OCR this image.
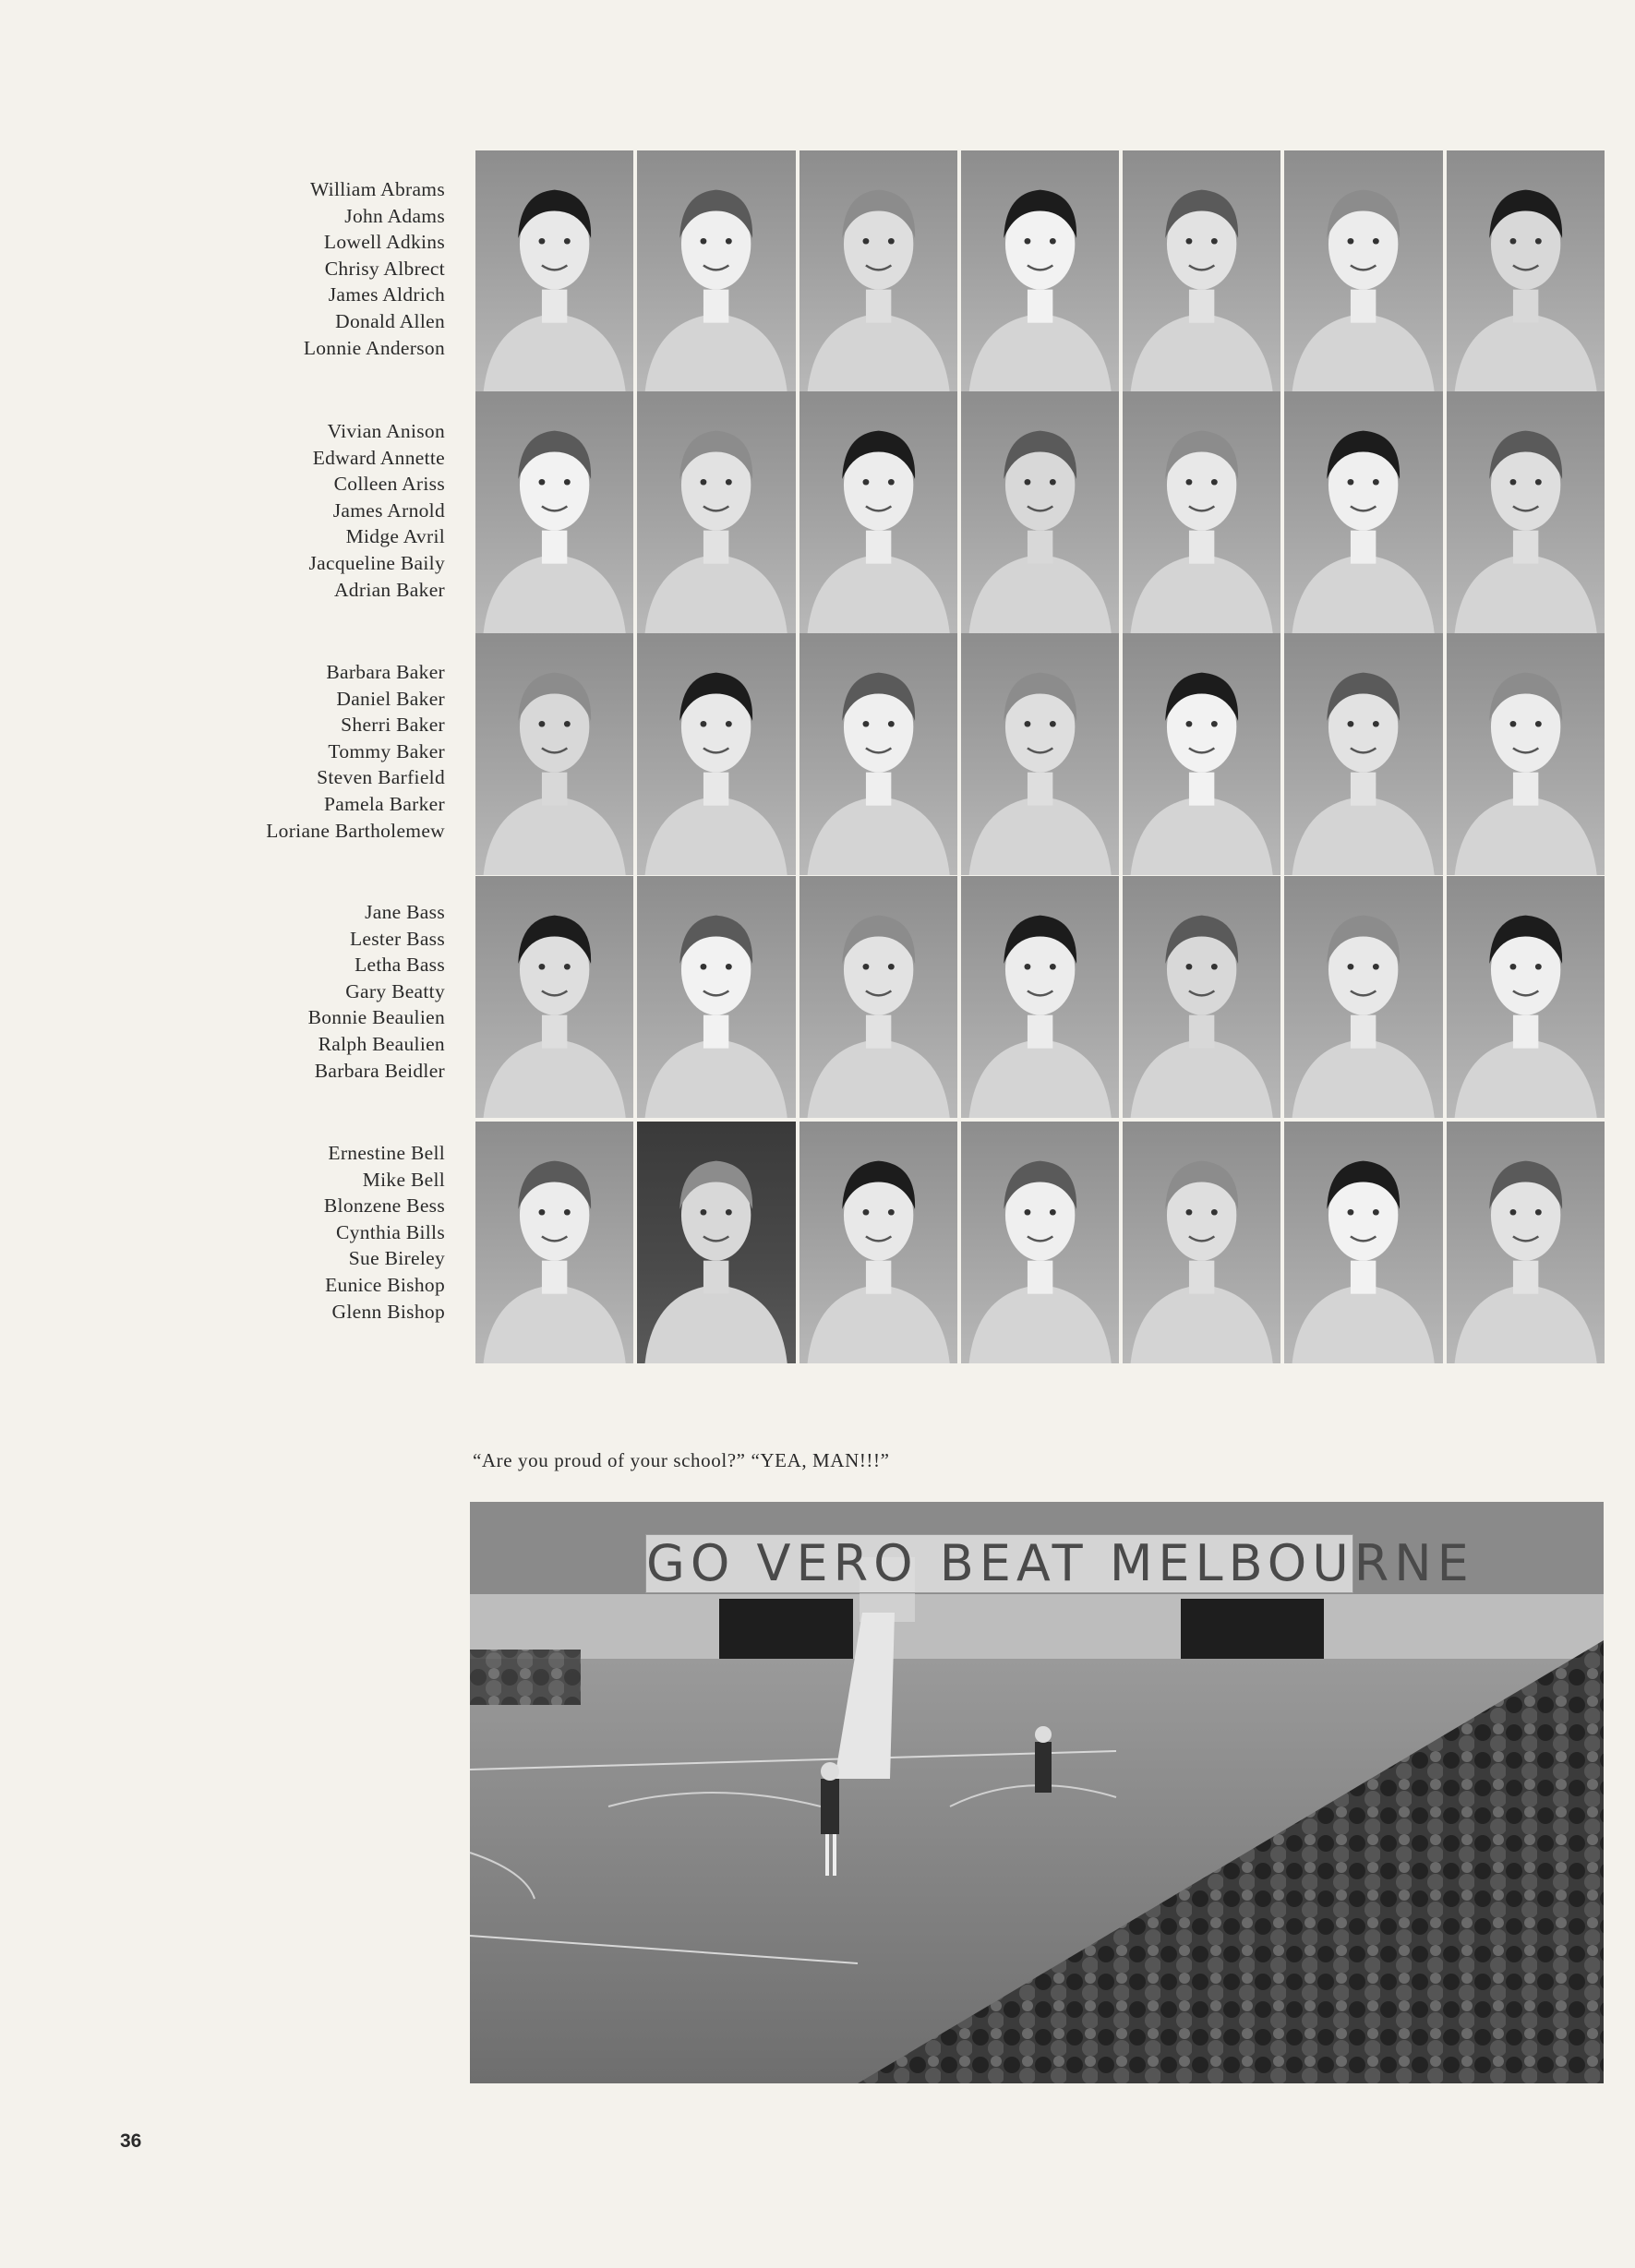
William Abrams
John Adams
Lowell Adkins
Chrisy Albrect
James Aldrich
Donald Allen
Lonnie Anderson
Vivian Anison
Edward Annette
Colleen Ariss
James Arnold
Midge Avril
Jacqueline Baily
Adrian Baker
Barbara Baker
Daniel Baker
Sherri Baker
Tommy Baker
Steven Barfield
Pamela Barker
Loriane Bartholemew
Jane Bass
Lester Bass
Letha Bass
Gary Beatty
Bonnie Beaulien
Ralph Beaulien
Barbara Beidler
Ernestine Bell
Mike Bell
Blonzene Bess
Cynthia Bills
Sue Bireley
Eunice Bishop
Glenn Bishop
“Are you proud of your school?” “YEA, MAN!!!”
GO VERO BEAT MELBOURNE
36
